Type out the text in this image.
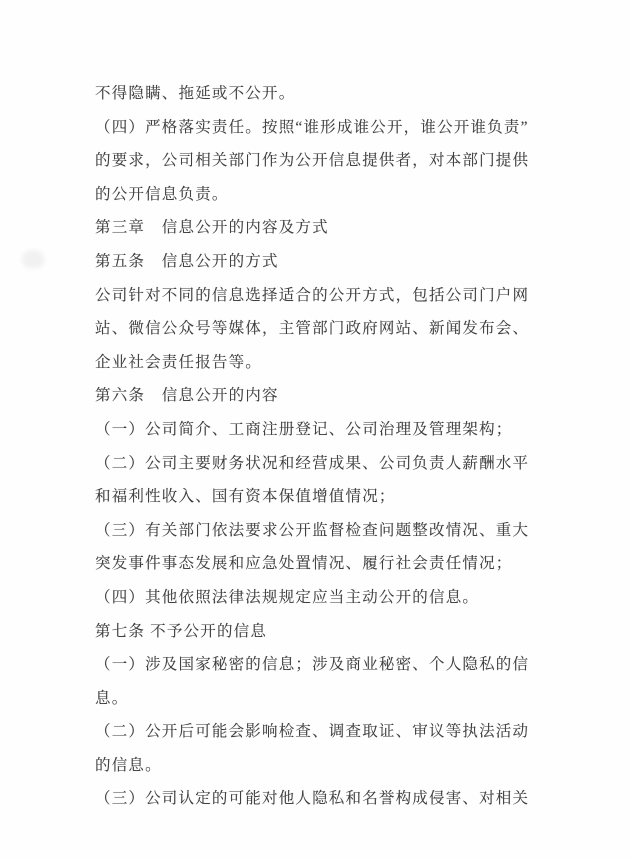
不得隐瞒、拖延或不公开。
（四）严格落实责任。按照“谁形成谁公开，谁公开谁负责”
的要求，公司相关部门作为公开信息提供者，对本部门提供
的公开信息负责。
第三章　信息公开的内容及方式
第五条　信息公开的方式
公司针对不同的信息选择适合的公开方式，包括公司门户网
站、微信公众号等媒体，主管部门政府网站、新闻发布会、
企业社会责任报告等。
第六条　信息公开的内容
（一）公司简介、工商注册登记、公司治理及管理架构；
（二）公司主要财务状况和经营成果、公司负责人薪酬水平
和福利性收入、国有资本保值增值情况；
（三）有关部门依法要求公开监督检查问题整改情况、重大
突发事件事态发展和应急处置情况、履行社会责任情况；
（四）其他依照法律法规规定应当主动公开的信息。
第七条 不予公开的信息
（一）涉及国家秘密的信息；涉及商业秘密、个人隐私的信
息。
（二）公开后可能会影响检查、调查取证、审议等执法活动
的信息。
（三）公司认定的可能对他人隐私和名誉构成侵害、对相关
